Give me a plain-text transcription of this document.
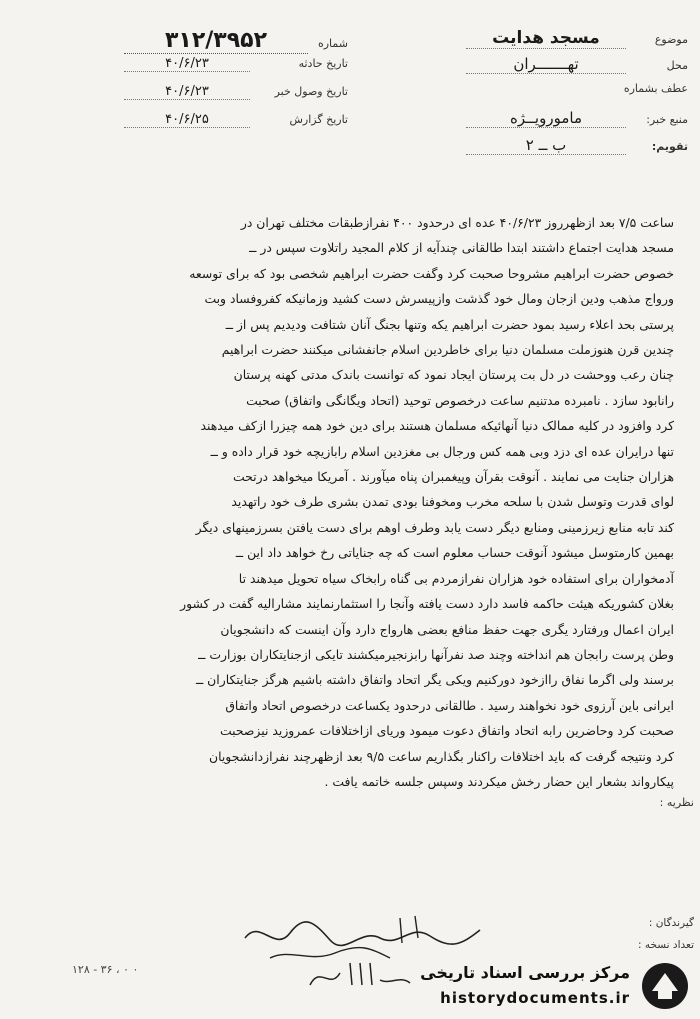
موضوع
مسجد هدایت
محل
تهـــــــران
عطف بشماره
منبع خبر:
مامورویــژه
تقویم:
ب ــ ۲
شماره
۳۱۲/۳۹۵۲
تاریخ حادثه
۴۰/۶/۲۳
تاریخ وصول خبر
۴۰/۶/۲۳
تاریخ گزارش
۴۰/۶/۲۵

ساعت ۷/۵ بعد ازظهرروز ۴۰/۶/۲۳ عده ای درحدود ۴۰۰ نفرازطبقات مختلف تهران در

مسجد هدایت اجتماع داشتند ابتدا طالقانی چندآیه از کلام المجید راتلاوت سپس در ــ

خصوص حضرت ابراهیم مشروحا صحبت کرد وگفت حضرت ابراهیم شخصی بود که برای توسعه

ورواج مذهب ودین ازجان ومال خود گذشت وازپیسرش دست کشید وزمانیکه کفروفساد وبت

پرستی بحد اعلاء رسید بمود حضرت ابراهیم یکه وتنها بجنگ آنان شتافت ودیدیم پس از ــ

چندین قرن هنوزملت مسلمان دنیا برای خاطردین اسلام جانفشانی میکنند حضرت ابراهیم

چنان رعب ووحشت در دل بت پرستان ایجاد نمود که توانست باندک مدتی کهنه پرستان

رانابود سازد . نامبرده مدتنیم ساعت درخصوص توحید (اتحاد ویگانگی واتفاق) صحبت

کرد وافزود در کلیه ممالک دنیا آنهائیکه مسلمان هستند برای دین خود همه چیزرا ازکف میدهند

تنها درایران عده ای دزد وبی همه کس ورجال بی مغزدین اسلام رابازیچه خود قرار داده و ــ

هزاران جنایت می نمایند . آنوقت بقرآن وپیغمبران پناه میآورند . آمریکا میخواهد درتحت

لوای قدرت وتوسل شدن با سلحه مخرب ومخوفنا بودی تمدن بشری طرف خود راتهدید

کند تابه منابع زیرزمینی ومنابع دیگر دست یابد وطرف اوهم برای دست یافتن بسرزمینهای دیگر

بهمین کارمتوسل میشود آنوقت حساب معلوم است که چه جنایاتی رخ خواهد داد این ــ

آدمخواران برای استفاده خود هزاران نفرازمردم بی گناه رابخاک سیاه تحویل میدهند تا

بغلان کشوریکه هیئت حاکمه فاسد دارد دست یافته وآنجا را استثمارنمایند مشارالیه گفت در کشور

ایران اعمال ورفتارد یگری جهت حفظ منافع بعضی هارواج دارد وآن اینست که دانشجویان

وطن پرست رابجان هم انداخته وچند صد نفرآنها رابزنجیرمیکشند تایکی ازجنایتکاران بوزارت ــ

برسند ولی اگرما نفاق راازخود دورکنیم ویکی یگر اتحاد واتفاق داشته باشیم هرگز جنایتکاران ــ

ایرانی باین آرزوی خود نخواهند رسید . طالقانی درحدود یکساعت درخصوص اتحاد واتفاق

صحبت کرد وحاضرین رابه اتحاد واتفاق دعوت میمود وریای ازاختلافات عمروزید نیزصحبت

کرد ونتیجه گرفت که باید اختلافات راکنار بگذاریم ساعت ۹/۵ بعد ازظهرچند نفرازدانشجویان

پیکارواند بشعار این حضار رخش میکردند وسپس جلسه خاتمه یافت .

نظریه :
گیرندگان :
تعداد نسخه :
۱۲۸ - ۳۶ ، ۰ ۰	مرکز بررسی اسناد تاریخی
historydocuments.ir
